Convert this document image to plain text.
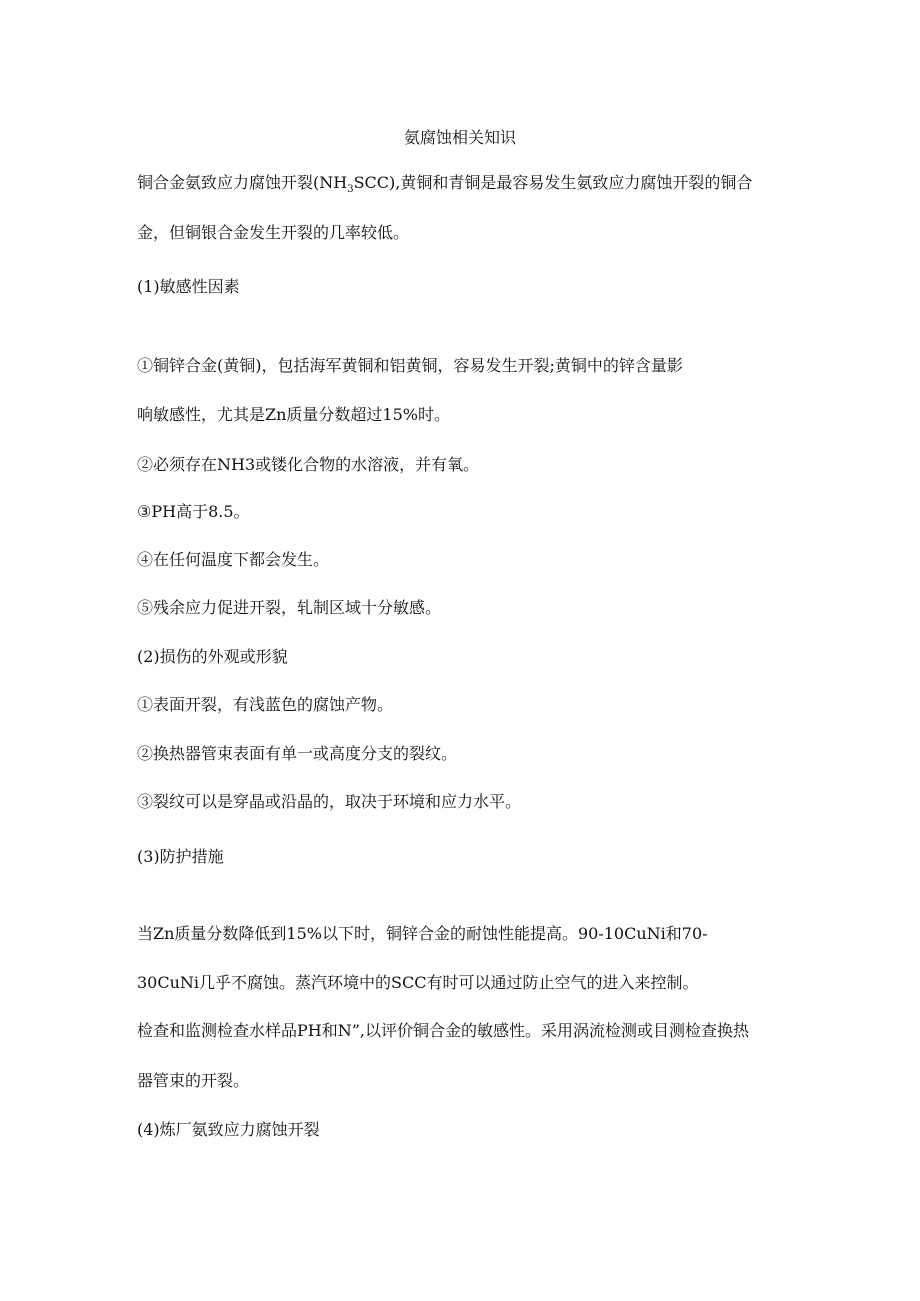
氨腐蚀相关知识
铜合金氨致应力腐蚀开裂$(NH_3SCC)$,黄铜和青铜是最容易发生氨致应力腐蚀开裂的铜合
金，但铜银合金发生开裂的几率较低。
(1)敏感性因素
①铜锌合金(黄铜)，包括海军黄铜和铝黄铜，容易发生开裂;黄铜中的锌含量影
响敏感性，尤其是Zn质量分数超过15%时。
②必须存在NH3或镂化合物的水溶液，并有氧。
③PH高于8.5。
④在任何温度下都会发生。
⑤残余应力促进开裂，轧制区域十分敏感。
(2)损伤的外观或形貌
①表面开裂，有浅蓝色的腐蚀产物。
②换热器管束表面有单一或高度分支的裂纹。
③裂纹可以是穿晶或沿晶的，取决于环境和应力水平。
(3)防护措施
当Zn质量分数降低到15%以下时，铜锌合金的耐蚀性能提高。90-10CuNi和70-
30CuNi几乎不腐蚀。蒸汽环境中的SCC有时可以通过防止空气的进入来控制。
检查和监测检查水样品PH和N”,以评价铜合金的敏感性。采用涡流检测或目测检查换热
器管束的开裂。
(4)炼厂氨致应力腐蚀开裂
